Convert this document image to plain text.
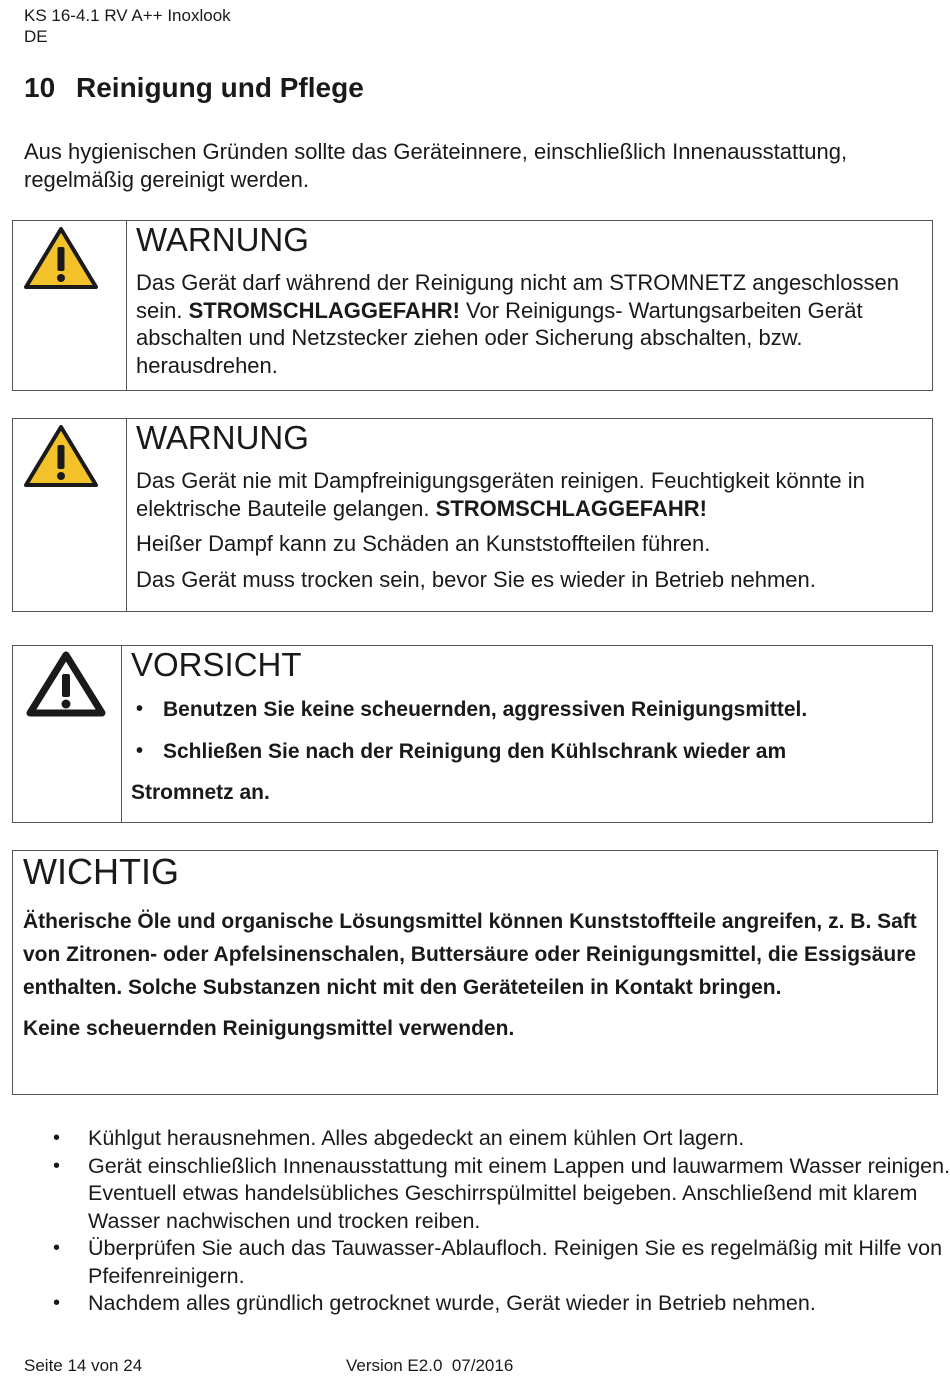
KS 16-4.1 RV A++ Inoxlook
DE
10 Reinigung und Pflege
Aus hygienischen Gründen sollte das Geräteinnere, einschließlich Innenausstattung, regelmäßig gereinigt werden.
WARNUNG
Das Gerät darf während der Reinigung nicht am STROMNETZ angeschlossen sein. STROMSCHLAGGEFAHR! Vor Reinigungs- Wartungsarbeiten Gerät abschalten und Netzstecker ziehen oder Sicherung abschalten, bzw. herausdrehen.
WARNUNG
Das Gerät nie mit Dampfreinigungsgeräten reinigen. Feuchtigkeit könnte in elektrische Bauteile gelangen. STROMSCHLAGGEFAHR!
Heißer Dampf kann zu Schäden an Kunststoffteilen führen.
Das Gerät muss trocken sein, bevor Sie es wieder in Betrieb nehmen.
VORSICHT
• Benutzen Sie keine scheuernden, aggressiven Reinigungsmittel.
• Schließen Sie nach der Reinigung den Kühlschrank wieder am
Stromnetz an.
WICHTIG
Ätherische Öle und organische Lösungsmittel können Kunststoffteile angreifen, z. B. Saft von Zitronen- oder Apfelsinenschalen, Buttersäure oder Reinigungsmittel, die Essigsäure enthalten. Solche Substanzen nicht mit den Geräteteilen in Kontakt bringen.
Keine scheuernden Reinigungsmittel verwenden.
• Kühlgut herausnehmen. Alles abgedeckt an einem kühlen Ort lagern.
• Gerät einschließlich Innenausstattung mit einem Lappen und lauwarmem Wasser reinigen. Eventuell etwas handelsübliches Geschirrspülmittel beigeben. Anschließend mit klarem Wasser nachwischen und trocken reiben.
• Überprüfen Sie auch das Tauwasser-Ablaufloch. Reinigen Sie es regelmäßig mit Hilfe von Pfeifenreinigern.
• Nachdem alles gründlich getrocknet wurde, Gerät wieder in Betrieb nehmen.
Seite 14 von 24	Version E2.0  07/2016
